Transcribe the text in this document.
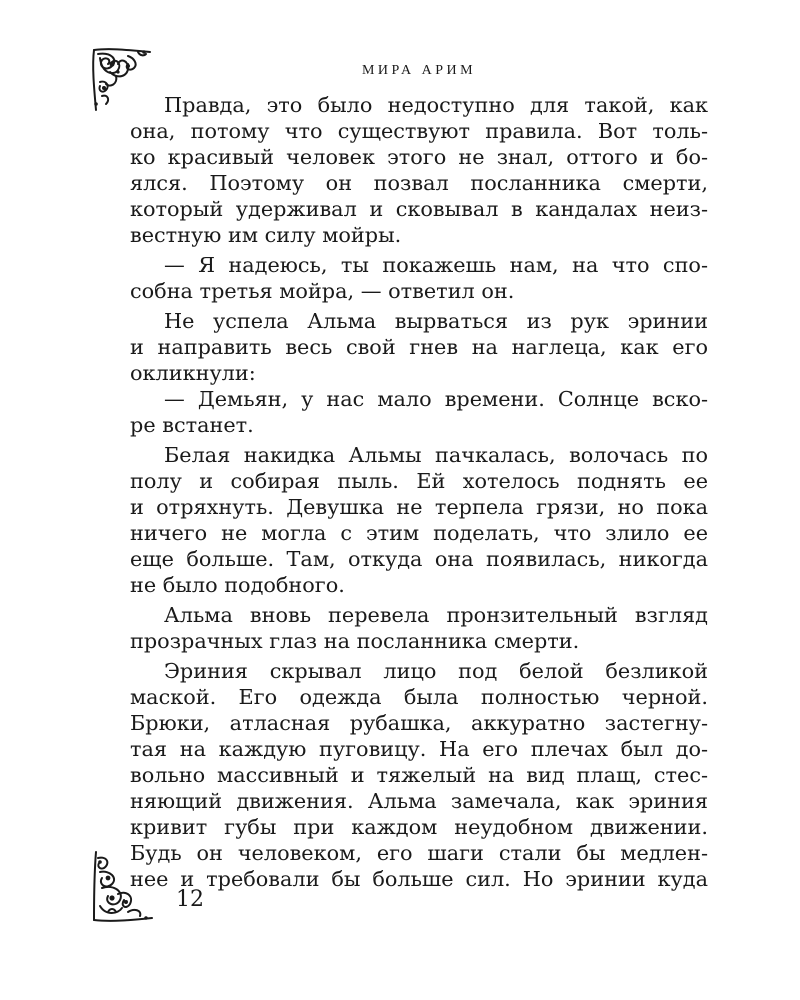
МИРА АРИМ
Правда, это было недоступно для такой, как
она, потому что существуют правила. Вот толь-
ко красивый человек этого не знал, оттого и бо-
ялся. Поэтому он позвал посланника смерти,
который удерживал и сковывал в кандалах неиз-
вестную им силу мойры.
— Я надеюсь, ты покажешь нам, на что спо-
собна третья мойра, — ответил он.
Не успела Альма вырваться из рук эринии
и направить весь свой гнев на наглеца, как его
окликнули:
— Демьян, у нас мало времени. Солнце вско-
ре встанет.
Белая накидка Альмы пачкалась, волочась по
полу и собирая пыль. Ей хотелось поднять ее
и отряхнуть. Девушка не терпела грязи, но пока
ничего не могла с этим поделать, что злило ее
еще больше. Там, откуда она появилась, никогда
не было подобного.
Альма вновь перевела пронзительный взгляд
прозрачных глаз на посланника смерти.
Эриния скрывал лицо под белой безликой
маской. Его одежда была полностью черной.
Брюки, атласная рубашка, аккуратно застегну-
тая на каждую пуговицу. На его плечах был до-
вольно массивный и тяжелый на вид плащ, стес-
няющий движения. Альма замечала, как эриния
кривит губы при каждом неудобном движении.
Будь он человеком, его шаги стали бы медлен-
нее и требовали бы больше сил. Но эринии куда
12
